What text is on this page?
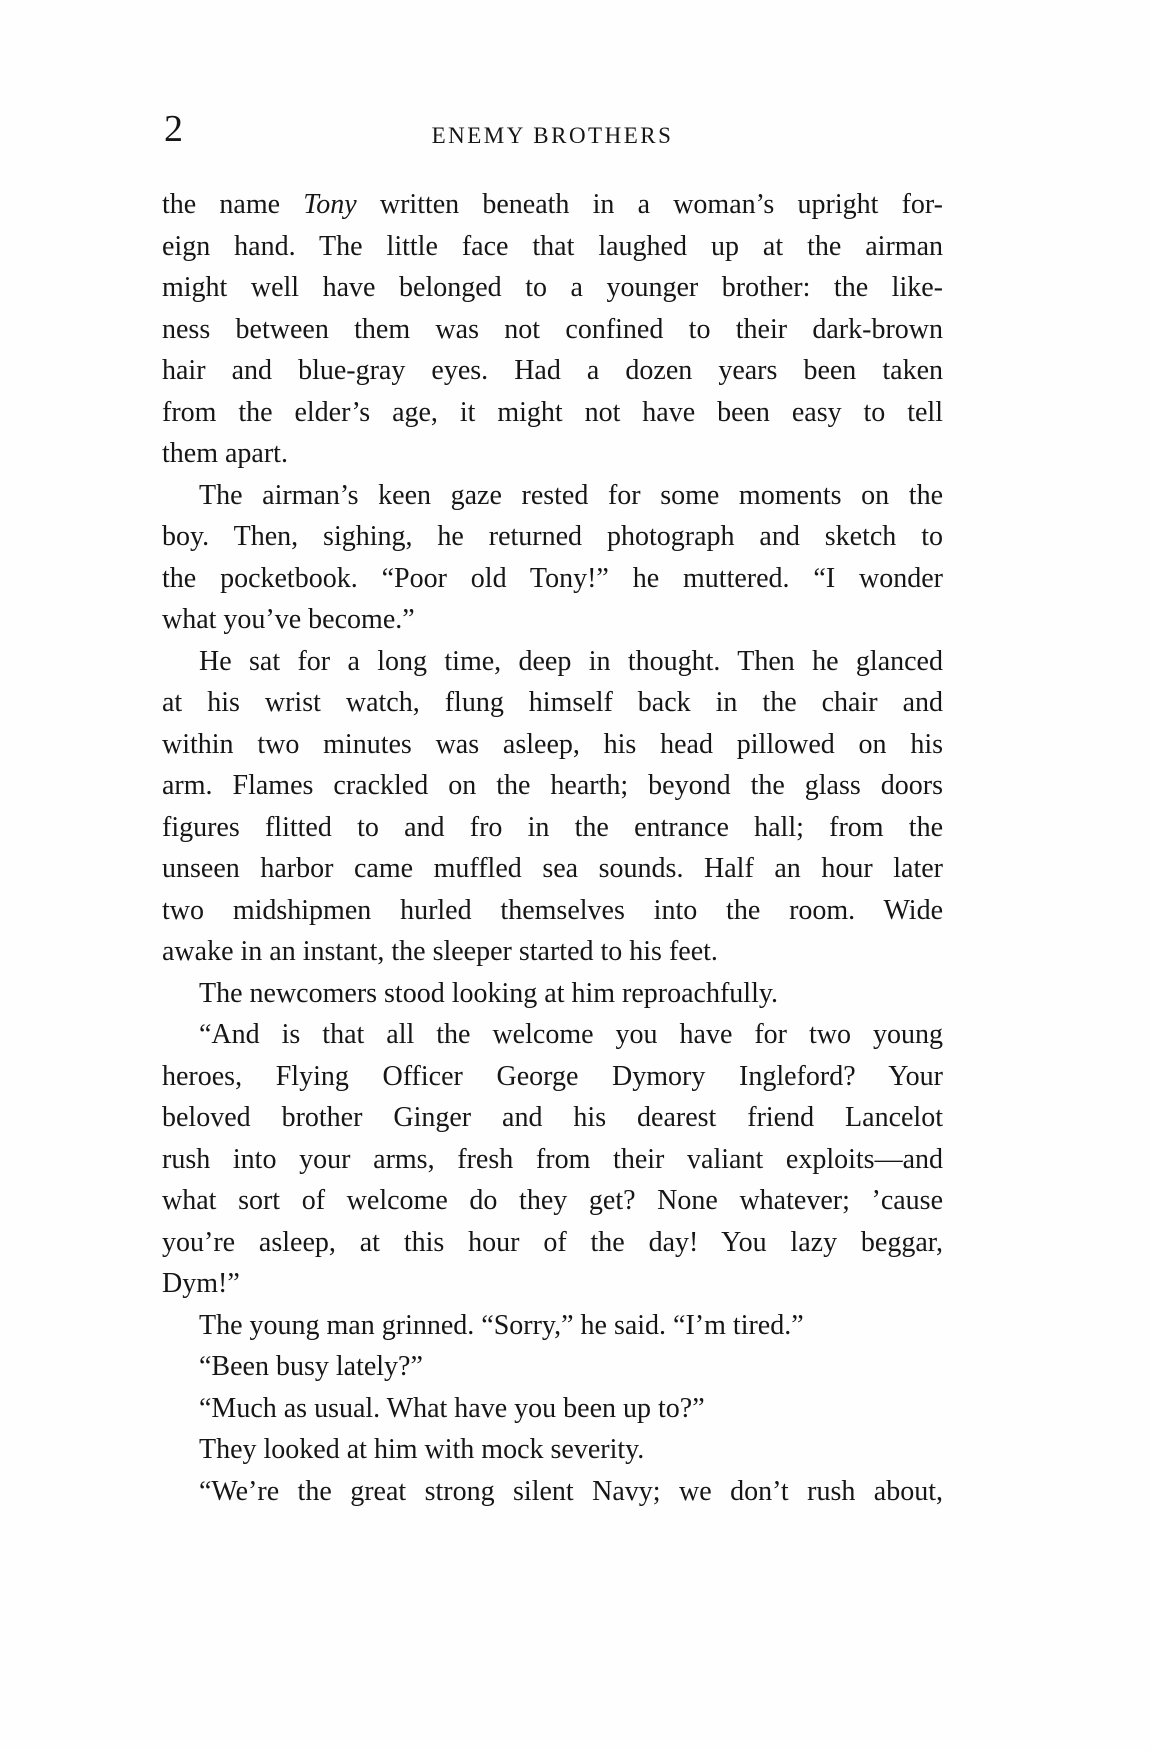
2	ENEMY BROTHERS
the name Tony written beneath in a woman’s upright for-
eign hand. The little face that laughed up at the airman
might well have belonged to a younger brother: the like-
ness between them was not confined to their dark-brown
hair and blue-gray eyes. Had a dozen years been taken
from the elder’s age, it might not have been easy to tell
them apart.
The airman’s keen gaze rested for some moments on the
boy. Then, sighing, he returned photograph and sketch to
the pocketbook. “Poor old Tony!” he muttered. “I wonder
what you’ve become.”
He sat for a long time, deep in thought. Then he glanced
at his wrist watch, flung himself back in the chair and
within two minutes was asleep, his head pillowed on his
arm. Flames crackled on the hearth; beyond the glass doors
figures flitted to and fro in the entrance hall; from the
unseen harbor came muffled sea sounds. Half an hour later
two midshipmen hurled themselves into the room. Wide
awake in an instant, the sleeper started to his feet.
The newcomers stood looking at him reproachfully.
“And is that all the welcome you have for two young
heroes, Flying Officer George Dymory Ingleford? Your
beloved brother Ginger and his dearest friend Lancelot
rush into your arms, fresh from their valiant exploits—and
what sort of welcome do they get? None whatever; ’cause
you’re asleep, at this hour of the day! You lazy beggar,
Dym!”
The young man grinned. “Sorry,” he said. “I’m tired.”
“Been busy lately?”
“Much as usual. What have you been up to?”
They looked at him with mock severity.
“We’re the great strong silent Navy; we don’t rush about,
